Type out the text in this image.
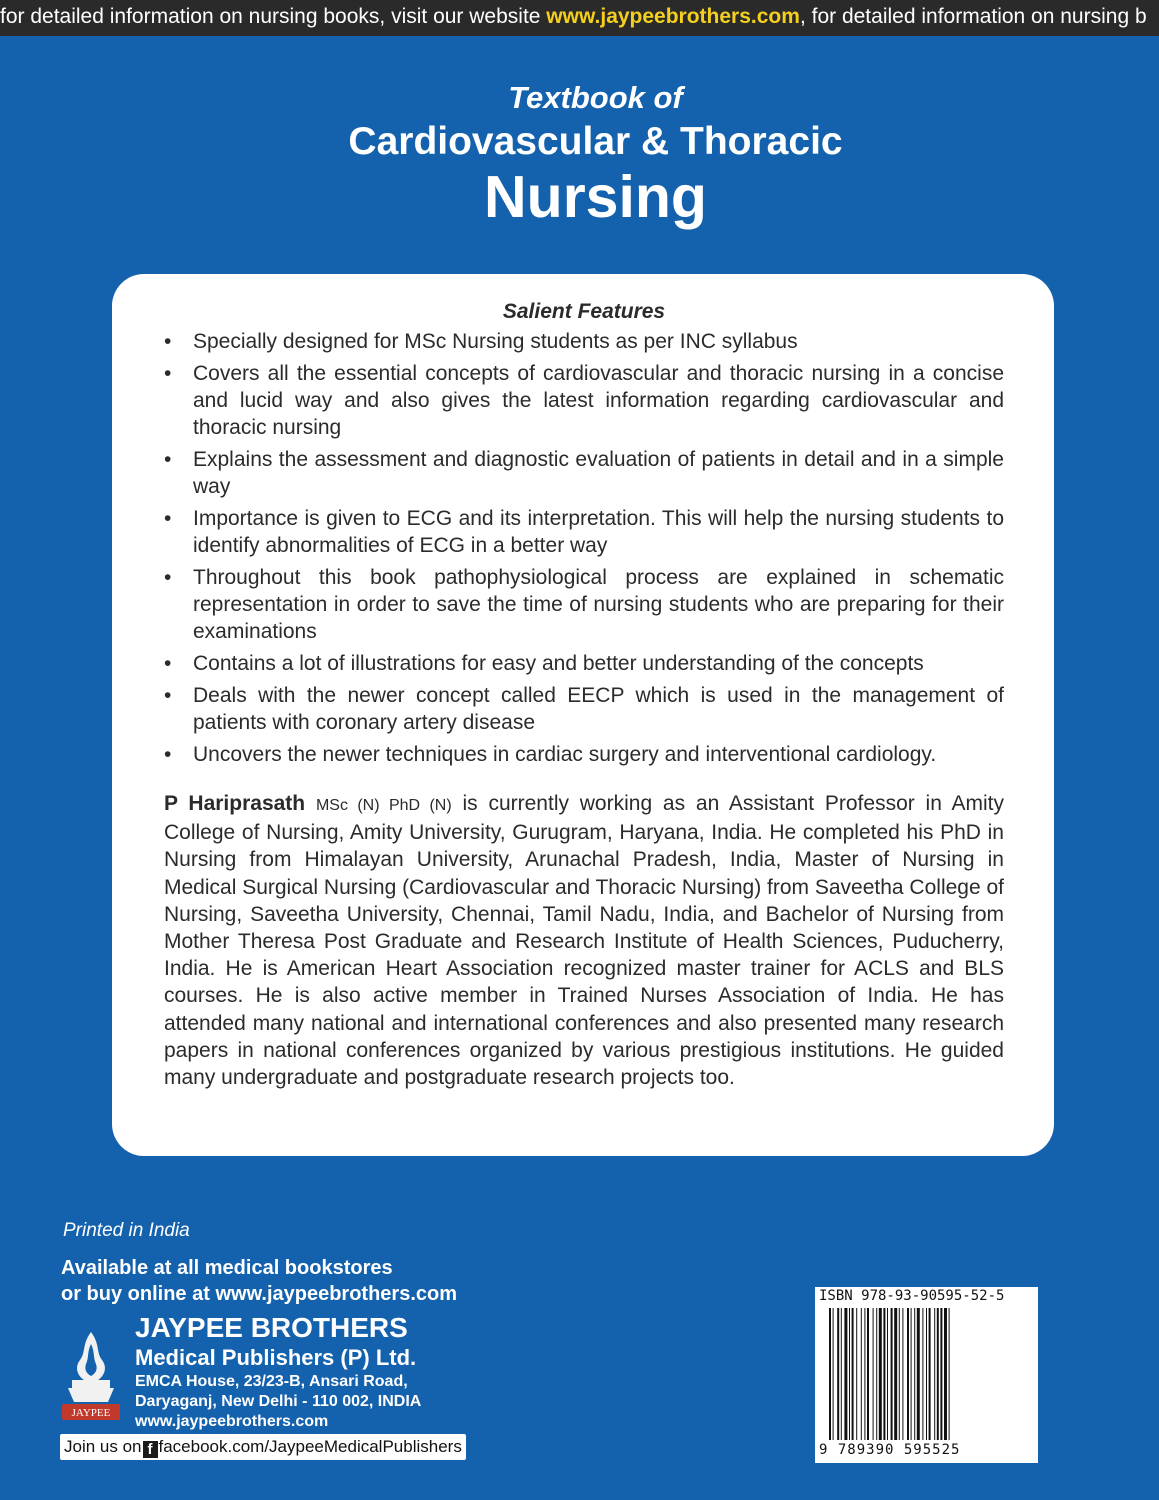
for detailed information on nursing books, visit our website www.jaypeebrothers.com, for detailed information on nursing b
Textbook of
Cardiovascular & Thoracic
Nursing
Salient Features
• Specially designed for MSc Nursing students as per INC syllabus
• Covers all the essential concepts of cardiovascular and thoracic nursing in a concise and lucid way and also gives the latest information regarding cardiovascular and thoracic nursing
• Explains the assessment and diagnostic evaluation of patients in detail and in a simple way
• Importance is given to ECG and its interpretation. This will help the nursing students to identify abnormalities of ECG in a better way
• Throughout this book pathophysiological process are explained in schematic representation in order to save the time of nursing students who are preparing for their examinations
• Contains a lot of illustrations for easy and better understanding of the concepts
• Deals with the newer concept called EECP which is used in the management of patients with coronary artery disease
• Uncovers the newer techniques in cardiac surgery and interventional cardiology.
P Hariprasath MSc (N) PhD (N) is currently working as an Assistant Professor in Amity College of Nursing, Amity University, Gurugram, Haryana, India. He completed his PhD in Nursing from Himalayan University, Arunachal Pradesh, India, Master of Nursing in Medical Surgical Nursing (Cardiovascular and Thoracic Nursing) from Saveetha College of Nursing, Saveetha University, Chennai, Tamil Nadu, India, and Bachelor of Nursing from Mother Theresa Post Graduate and Research Institute of Health Sciences, Puducherry, India. He is American Heart Association recognized master trainer for ACLS and BLS courses. He is also active member in Trained Nurses Association of India. He has attended many national and international conferences and also presented many research papers in national conferences organized by various prestigious institutions. He guided many undergraduate and postgraduate research projects too.
Printed in India
Available at all medical bookstores
or buy online at www.jaypeebrothers.com
JAYPEE
JAYPEE BROTHERS
Medical Publishers (P) Ltd.
EMCA House, 23/23-B, Ansari Road,
Daryaganj, New Delhi - 110 002, INDIA
www.jaypeebrothers.com
Join us on f facebook.com/JaypeeMedicalPublishers
ISBN 978-93-90595-52-5
9 789390 595525
